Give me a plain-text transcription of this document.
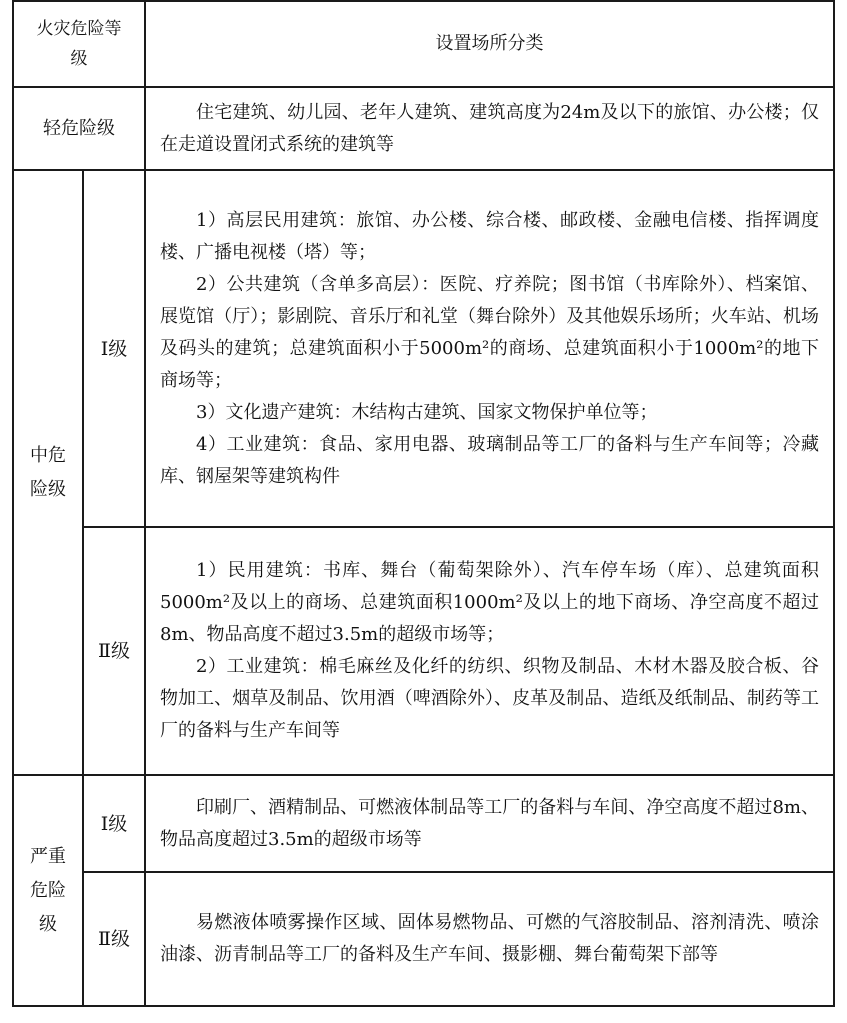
火灾危险等级		设置场所分类
轻危险级		住宅建筑、幼儿园、老年人建筑、建筑高度为24m及以下的旅馆、办公楼；仅在走道设置闭式系统的建筑等

中危险级	Ⅰ级	1）高层民用建筑：旅馆、办公楼、综合楼、邮政楼、金融电信楼、指挥调度楼、广播电视楼（塔）等；

2）公共建筑（含单多高层）：医院、疗养院；图书馆（书库除外）、档案馆、展览馆（厅）；影剧院、音乐厅和礼堂（舞台除外）及其他娱乐场所；火车站、机场及码头的建筑；总建筑面积小于5000m²的商场、总建筑面积小于1000m²的地下商场等；

3）文化遗产建筑：木结构古建筑、国家文物保护单位等；

4）工业建筑：食品、家用电器、玻璃制品等工厂的备料与生产车间等；冷藏库、钢屋架等建筑构件

	Ⅱ级	1）民用建筑：书库、舞台（葡萄架除外）、汽车停车场（库）、总建筑面积5000m²及以上的商场、总建筑面积1000m²及以上的地下商场、净空高度不超过8m、物品高度不超过3.5m的超级市场等；

2）工业建筑：棉毛麻丝及化纤的纺织、织物及制品、木材木器及胶合板、谷物加工、烟草及制品、饮用酒（啤酒除外）、皮革及制品、造纸及纸制品、制药等工厂的备料与生产车间等

严重危险级	Ⅰ级	印刷厂、酒精制品、可燃液体制品等工厂的备料与车间、净空高度不超过8m、物品高度超过3.5m的超级市场等

	Ⅱ级	易燃液体喷雾操作区域、固体易燃物品、可燃的气溶胶制品、溶剂清洗、喷涂油漆、沥青制品等工厂的备料及生产车间、摄影棚、舞台葡萄架下部等
